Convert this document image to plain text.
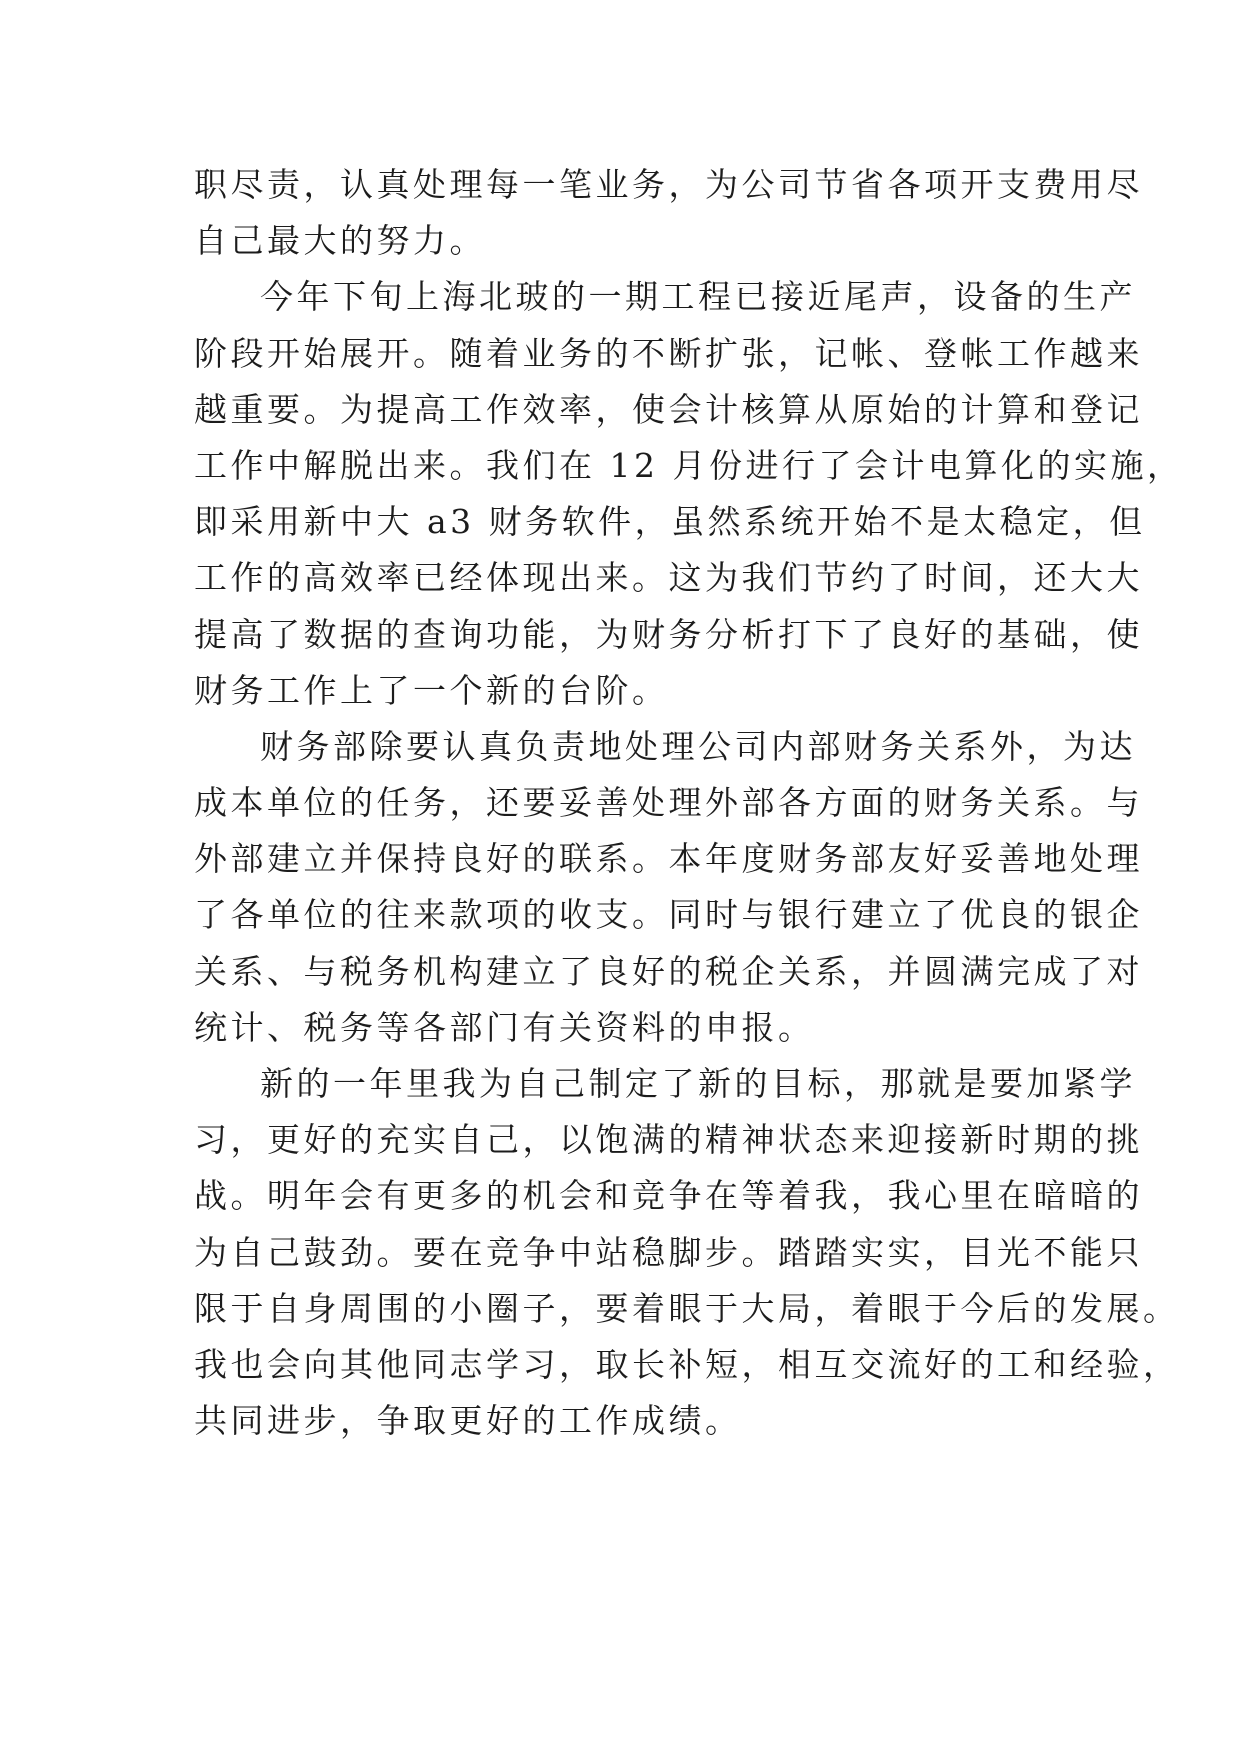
职尽责，认真处理每一笔业务，为公司节省各项开支费用尽
自己最大的努力。
今年下旬上海北玻的一期工程已接近尾声，设备的生产
阶段开始展开。随着业务的不断扩张，记帐、登帐工作越来
越重要。为提高工作效率，使会计核算从原始的计算和登记
工作中解脱出来。我们在 12 月份进行了会计电算化的实施，
即采用新中大 a3 财务软件，虽然系统开始不是太稳定，但
工作的高效率已经体现出来。这为我们节约了时间，还大大
提高了数据的查询功能，为财务分析打下了良好的基础，使
财务工作上了一个新的台阶。
财务部除要认真负责地处理公司内部财务关系外，为达
成本单位的任务，还要妥善处理外部各方面的财务关系。与
外部建立并保持良好的联系。本年度财务部友好妥善地处理
了各单位的往来款项的收支。同时与银行建立了优良的银企
关系、与税务机构建立了良好的税企关系，并圆满完成了对
统计、税务等各部门有关资料的申报。
新的一年里我为自己制定了新的目标，那就是要加紧学
习，更好的充实自己，以饱满的精神状态来迎接新时期的挑
战。明年会有更多的机会和竞争在等着我，我心里在暗暗的
为自己鼓劲。要在竞争中站稳脚步。踏踏实实，目光不能只
限于自身周围的小圈子，要着眼于大局，着眼于今后的发展。
我也会向其他同志学习，取长补短，相互交流好的工和经验，
共同进步，争取更好的工作成绩。
